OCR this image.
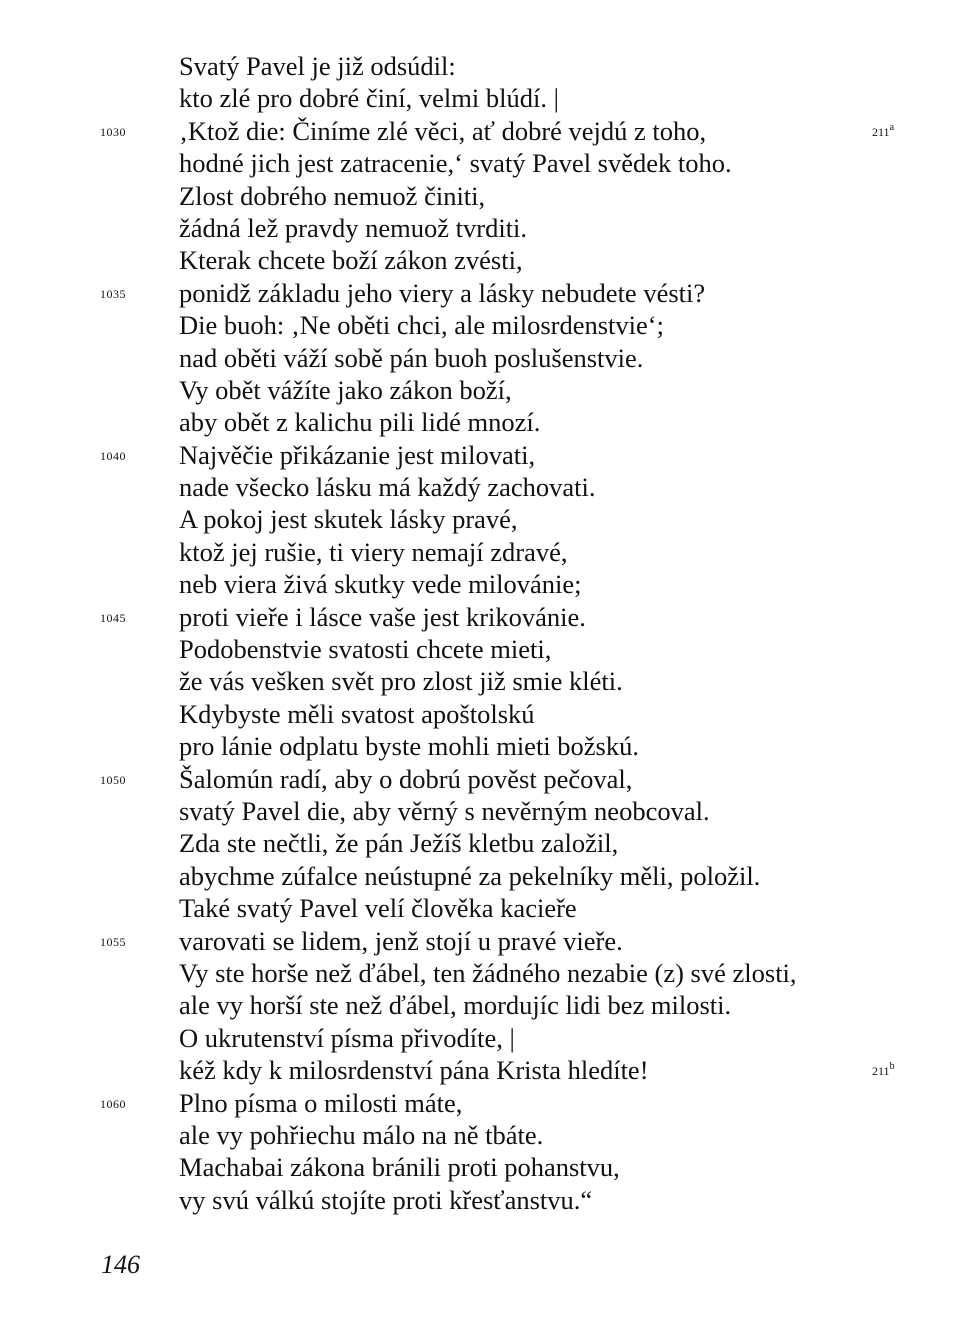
Svatý Pavel je již odsúdil:
kto zlé pro dobré činí, velmi blúdí. |
1030	‚Ktož die: Činíme zlé věci, ať dobré vejdú z toho,	211$^a$
hodné jich jest zatracenie,‘ svatý Pavel svědek toho.
Zlost dobrého nemuož činiti,
žádná lež pravdy nemuož tvrditi.
Kterak chcete boží zákon zvésti,
1035	ponidž základu jeho viery a lásky nebudete vésti?
Die buoh: ‚Ne oběti chci, ale milosrdenstvie‘;
nad oběti váží sobě pán buoh poslušenstvie.
Vy obět vážíte jako zákon boží,
aby obět z kalichu pili lidé mnozí.
1040	Najvěčie přikázanie jest milovati,
nade všecko lásku má každý zachovati.
A pokoj jest skutek lásky pravé,
ktož jej rušie, ti viery nemají zdravé,
neb viera živá skutky vede milovánie;
1045	proti vieře i lásce vaše jest krikovánie.
Podobenstvie svatosti chcete mieti,
že vás vešken svět pro zlost již smie kléti.
Kdybyste měli svatost apoštolskú
pro lánie odplatu byste mohli mieti božskú.
1050	Šalomún radí, aby o dobrú pověst pečoval,
svatý Pavel die, aby věrný s nevěrným neobcoval.
Zda ste nečtli, že pán Ježíš kletbu založil,
abychme zúfalce neústupné za pekelníky měli, položil.
Také svatý Pavel velí člověka kacieře
1055	varovati se lidem, jenž stojí u pravé vieře.
Vy ste horše než ďábel, ten žádného nezabie (z) své zlosti,
ale vy horší ste než ďábel, mordujíc lidi bez milosti.
O ukrutenství písma přivodíte, |
kéž kdy k milosrdenství pána Krista hledíte!	211$^b$
1060	Plno písma o milosti máte,
ale vy pohřiechu málo na ně tbáte.
Machabai zákona bránili proti pohanstvu,
vy svú válkú stojíte proti křesťanstvu.“
146
